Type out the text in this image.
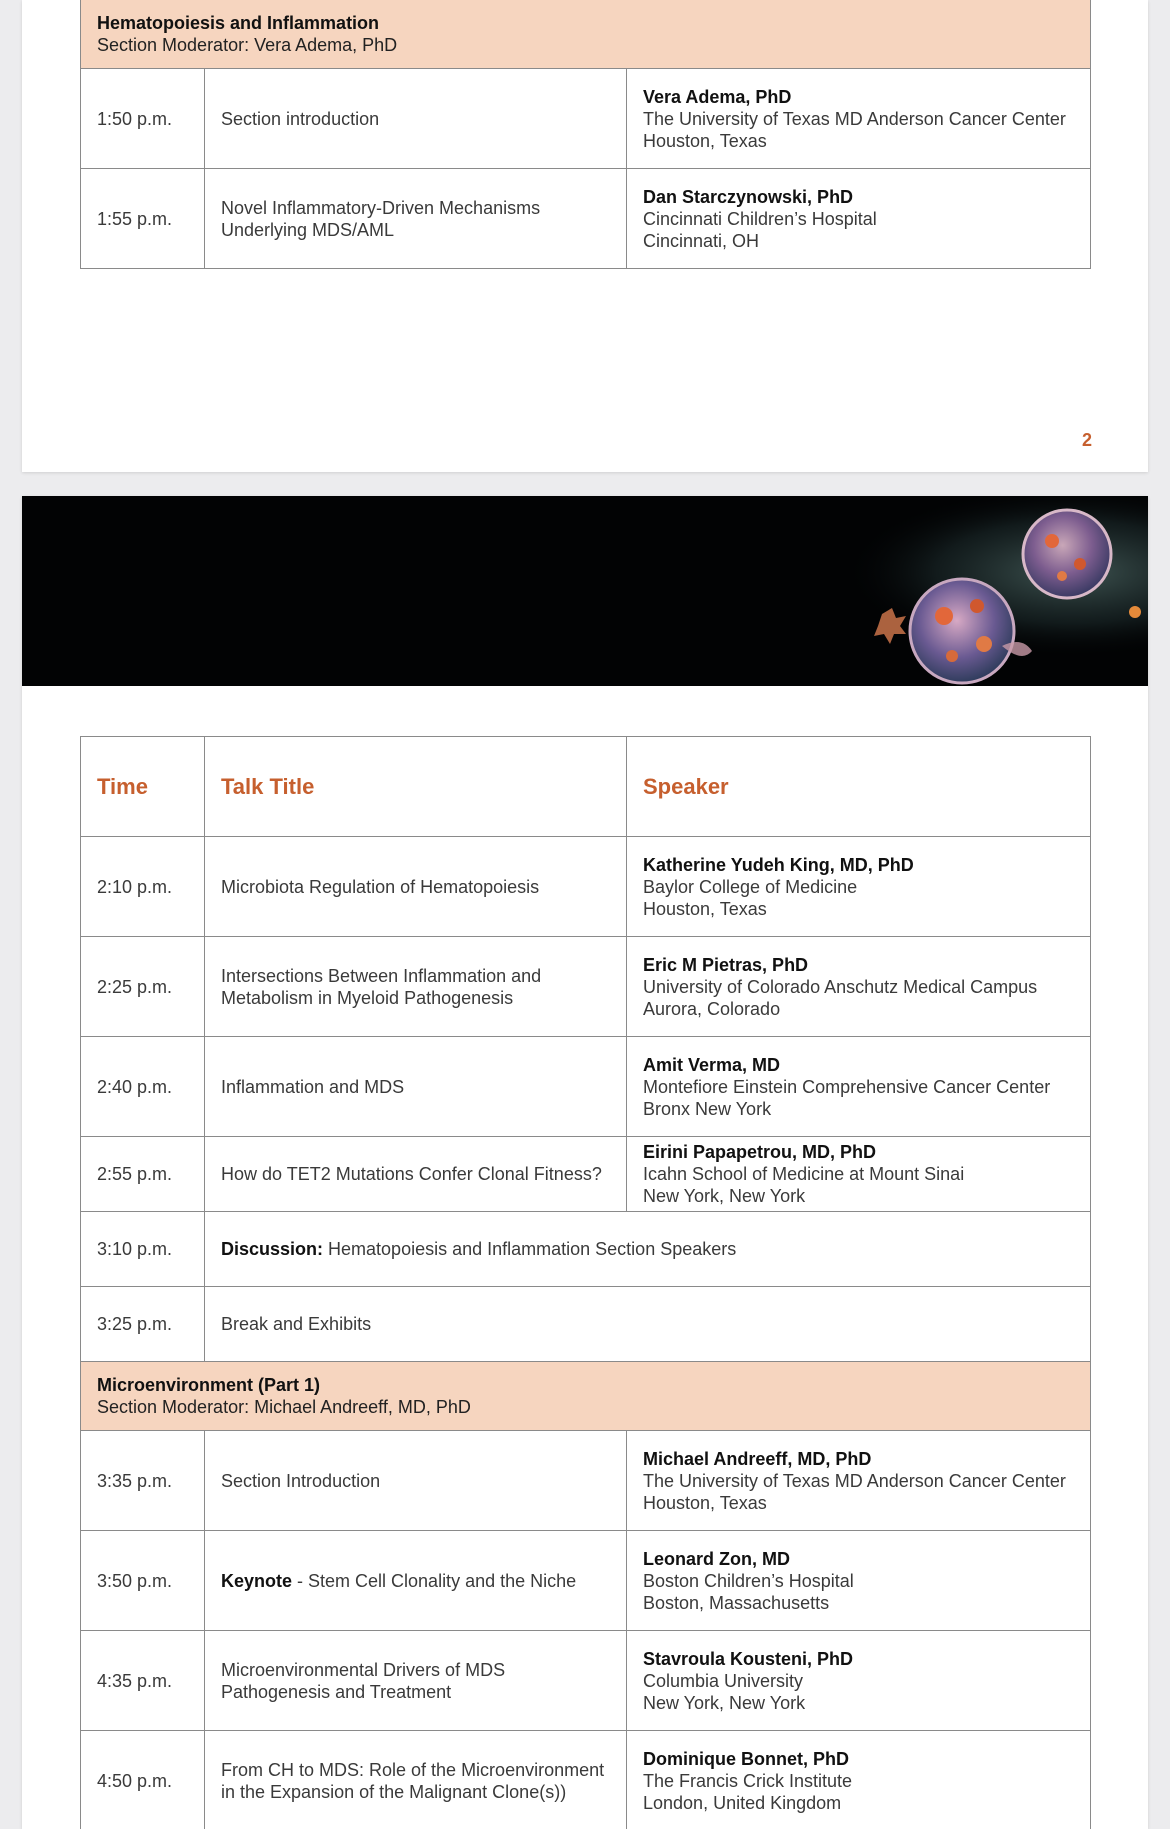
Hematopoiesis and Inflammation
Section Moderator: Vera Adema, PhD		

1:50 p.m.	Section introduction	Vera Adema, PhD
The University of Texas MD Anderson Cancer Center
Houston, Texas

1:55 p.m.	Novel Inflammatory-Driven Mechanisms Underlying MDS/AML	Dan Starczynowski, PhD
Cincinnati Children’s Hospital
Cincinnati, OH
2
Time	Talk Title	Speaker
2:10 p.m.	Microbiota Regulation of Hematopoiesis	Katherine Yudeh King, MD, PhD
Baylor College of Medicine
Houston, Texas

2:25 p.m.	Intersections Between Inflammation and Metabolism in Myeloid Pathogenesis	Eric M Pietras, PhD
University of Colorado Anschutz Medical Campus
Aurora, Colorado

2:40 p.m.	Inflammation and MDS	Amit Verma, MD
Montefiore Einstein Comprehensive Cancer Center
Bronx New York

2:55 p.m.	How do TET2 Mutations Confer Clonal Fitness?	Eirini Papapetrou, MD, PhD
Icahn School of Medicine at Mount Sinai
New York, New York

3:10 p.m.	Discussion: Hematopoiesis and Inflammation Section Speakers	
3:25 p.m.	Break and Exhibits	

Microenvironment (Part 1)
Section Moderator: Michael Andreeff, MD, PhD		

3:35 p.m.	Section Introduction	Michael Andreeff, MD, PhD
The University of Texas MD Anderson Cancer Center
Houston, Texas

3:50 p.m.	Keynote - Stem Cell Clonality and the Niche	Leonard Zon, MD
Boston Children’s Hospital
Boston, Massachusetts

4:35 p.m.	Microenvironmental Drivers of MDS Pathogenesis and Treatment	Stavroula Kousteni, PhD
Columbia University
New York, New York

4:50 p.m.	From CH to MDS: Role of the Microenvironment in the Expansion of the Malignant Clone(s))	Dominique Bonnet, PhD
The Francis Crick Institute
London, United Kingdom
